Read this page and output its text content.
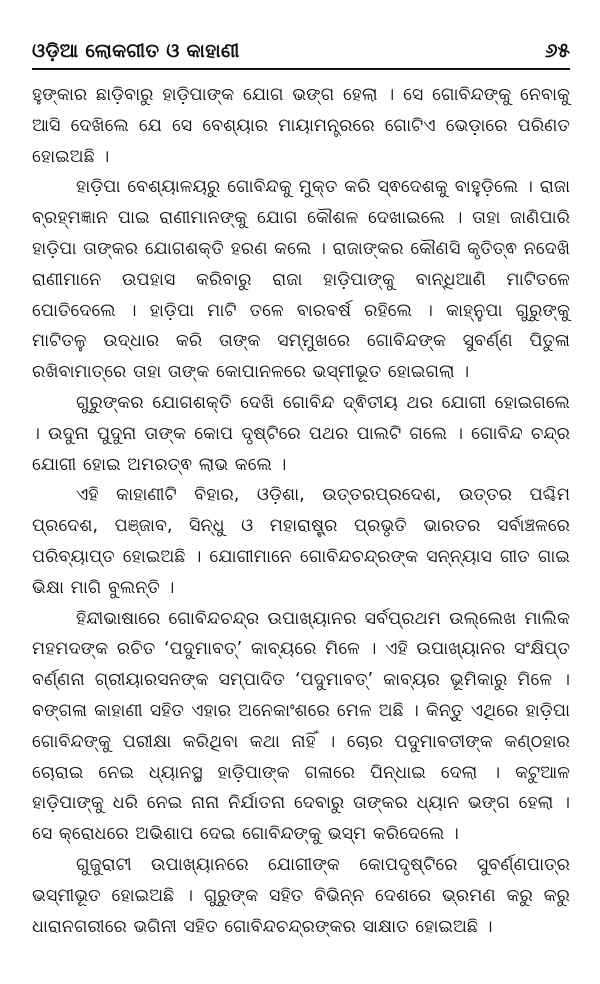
ଓଡ଼ିଆ ଲୋକଗୀତ ଓ କାହାଣୀ	୬୫

ହୁଙ୍କାର ଛାଡ଼ିବାରୁ ହାଡ଼ିପାଙ୍କ ଯୋଗ ଭଙ୍ଗ ହେଲା । ସେ ଗୋବିନ୍ଦଙ୍କୁ ନେବାକୁ ଆସି ଦେଖିଲେ ଯେ ସେ ବେଶ୍ୟାର ମାୟାମନ୍ତ୍ରରେ ଗୋଟିଏ ଭେଡ଼ାରେ ପରିଣତ ହୋଇଅଛି ।

ହାଡ଼ିପା ବେଶ୍ୟାଳୟରୁ ଗୋବିନ୍ଦକୁ ମୁକ୍ତ କରି ସ୍ଵଦେଶକୁ ବାହୁଡ଼ିଲେ । ରାଜା ବ୍ରହ୍ମଜ୍ଞାନ ପାଇ ରାଣୀମାନଙ୍କୁ ଯୋଗ କୌଶଳ ଦେଖାଇଲେ । ତାହା ଜାଣିପାରି ହାଡ଼ିପା ତାଙ୍କର ଯୋଗଶକ୍ତି ହରଣ କଲେ । ରାଜାଙ୍କର କୌଣସି କୃତିତ୍ଵ ନଦେଖି ରାଣୀମାନେ ଉପହାସ କରିବାରୁ ରାଜା ହାଡ଼ିପାଙ୍କୁ ବାନ୍ଧିଆଣି ମାଟିତଳେ ପୋତିଦେଲେ । ହାଡ଼ିପା ମାଟି ତଳେ ବାରବର୍ଷ ରହିଲେ । କାହ୍ନୁପା ଗୁରୁଙ୍କୁ ମାଟିତଳୁ ଉଦ୍ଧାର କରି ତାଙ୍କ ସମ୍ମୁଖରେ ଗୋବିନ୍ଦଙ୍କ ସୁବର୍ଣ୍ଣ ପିତୁଳା ରଖିବାମାତ୍ରେ ତାହା ତାଙ୍କ କୋପାନଳରେ ଭସ୍ମୀଭୂତ ହୋଇଗଲା ।

ଗୁରୁଙ୍କର ଯୋଗଶକ୍ତି ଦେଖି ଗୋବିନ୍ଦ ଦ୍ଵିତୀୟ ଥର ଯୋଗୀ ହୋଇଗଲେ । ଉଦୁନା ପୁଦୁନା ତାଙ୍କ କୋପ ଦୃଷ୍ଟିରେ ପଥର ପାଲଟି ଗଲେ । ଗୋବିନ୍ଦ ଚନ୍ଦ୍ର ଯୋଗୀ ହୋଇ ଅମରତ୍ଵ ଲାଭ କଲେ ।

ଏହି କାହାଣୀଟି ବିହାର, ଓଡ଼ିଶା, ଉତ୍ତରପ୍ରଦେଶ, ଉତ୍ତର ପଶ୍ଚିମ ପ୍ରଦେଶ, ପଞ୍ଜାବ, ସିନ୍ଧୁ ଓ ମହାରାଷ୍ଟ୍ର ପ୍ରଭୃତି ଭାରତର ସର୍ବାଞ୍ଚଳରେ ପରିବ୍ୟାପ୍ତ ହୋଇଅଛି । ଯୋଗୀମାନେ ଗୋବିନ୍ଦଚନ୍ଦ୍ରଙ୍କ ସନ୍ନ୍ୟାସ ଗୀତ ଗାଇ ଭିକ୍ଷା ମାଗି ବୁଲନ୍ତି ।

ହିନ୍ଦୀଭାଷାରେ ଗୋବିନ୍ଦଚନ୍ଦ୍ର ଉପାଖ୍ୟାନର ସର୍ବପ୍ରଥମ ଉଲ୍ଲେଖ ମାଲିକ ମହମଦଙ୍କ ରଚିତ ‘ପଦୁମାବତ୍’ କାବ୍ୟରେ ମିଳେ । ଏହି ଉପାଖ୍ୟାନର ସଂକ୍ଷିପ୍ତ ବର୍ଣ୍ଣନା ଗ୍ରୀୟାରସନଙ୍କ ସମ୍ପାଦିତ ‘ପଦୁମାବତ୍’ କାବ୍ୟର ଭୂମିକାରୁ ମିଳେ । ବଙ୍ଗଳା କାହାଣୀ ସହିତ ଏହାର ଅନେକାଂଶରେ ମେଳ ଅଛି । କିନ୍ତୁ ଏଥିରେ ହାଡ଼ିପା ଗୋବିନ୍ଦଙ୍କୁ ପରୀକ୍ଷା କରିଥିବା କଥା ନାହିଁ । ଚୋର ପଦୁମାବତୀଙ୍କ କଣ୍ଠହାର ଚୋରାଇ ନେଇ ଧ୍ୟାନସ୍ଥ ହାଡ଼ିପାଙ୍କ ଗଳାରେ ପିନ୍ଧାଇ ଦେଲା । କଟୁଆଳ ହାଡ଼ିପାଙ୍କୁ ଧରି ନେଇ ନାନା ନିର୍ଯାତନା ଦେବାରୁ ତାଙ୍କର ଧ୍ୟାନ ଭଙ୍ଗ ହେଲା । ସେ କ୍ରୋଧରେ ଅଭିଶାପ ଦେଇ ଗୋବିନ୍ଦଙ୍କୁ ଭସ୍ମ କରିଦେଲେ ।

ଗୁଜୁରାଟୀ ଉପାଖ୍ୟାନରେ ଯୋଗୀଙ୍କ କୋପଦୃଷ୍ଟିରେ ସୁବର୍ଣ୍ଣପାତ୍ର ଭସ୍ମୀଭୂତ ହୋଇଅଛି । ଗୁରୁଙ୍କ ସହିତ ବିଭିନ୍ନ ଦେଶରେ ଭ୍ରମଣ କରୁ କରୁ ଧାରାନଗରୀରେ ଭଗିନୀ ସହିତ ଗୋବିନ୍ଦଚନ୍ଦ୍ରଙ୍କର ସାକ୍ଷାତ ହୋଇଅଛି ।
